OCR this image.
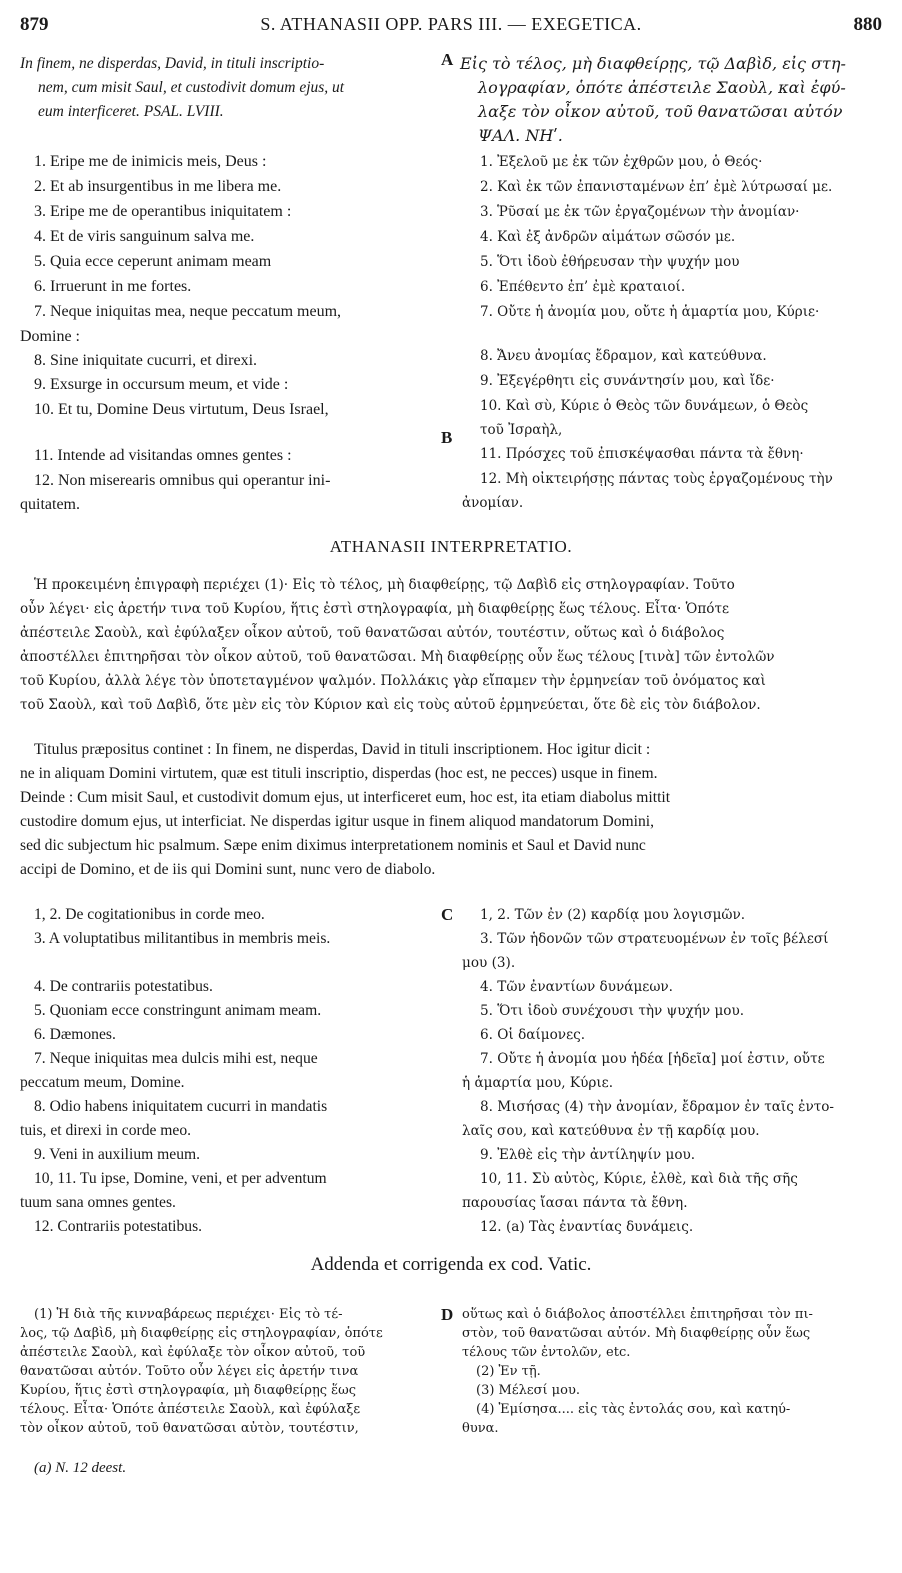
879	S. ATHANASII OPP. PARS III. — EXEGETICA.	880
A
B
C
D
In finem, ne disperdas, David, in tituli inscriptio-
nem, cum misit Saul, et custodivit domum ejus, ut
eum interficeret. PSAL. LVIII.
Εἰς τὸ τέλος, μὴ διαφθείρῃς, τῷ Δαβὶδ, εἰς στη-
λογραφίαν, ὁπότε ἀπέστειλε Σαοὺλ, καὶ ἐφύ-
λαξε τὸν οἶκον αὐτοῦ, τοῦ θανατῶσαι αὐτόν
ΨΑΛ. ΝΗʹ.
1. Eripe me de inimicis meis, Deus :
2. Et ab insurgentibus in me libera me.
3. Eripe me de operantibus iniquitatem :
4. Et de viris sanguinum salva me.
5. Quia ecce ceperunt animam meam
6. Irruerunt in me fortes.
7. Neque iniquitas mea, neque peccatum meum,
Domine :
8. Sine iniquitate cucurri, et direxi.
9. Exsurge in occursum meum, et vide :
10. Et tu, Domine Deus virtutum, Deus Israel,
11. Intende ad visitandas omnes gentes :
12. Non miserearis omnibus qui operantur ini-
quitatem.
1. Ἐξελοῦ με ἐκ τῶν ἐχθρῶν μου, ὁ Θεός·
2. Καὶ ἐκ τῶν ἐπανισταμένων ἐπ’ ἐμὲ λύτρωσαί με.
3. Ῥῦσαί με ἐκ τῶν ἐργαζομένων τὴν ἀνομίαν·
4. Καὶ ἐξ ἀνδρῶν αἱμάτων σῶσόν με.
5. Ὅτι ἰδοὺ ἐθήρευσαν τὴν ψυχήν μου
6. Ἐπέθεντο ἐπ’ ἐμὲ κραταιοί.
7. Οὔτε ἡ ἀνομία μου, οὔτε ἡ ἁμαρτία μου, Κύριε·
8. Ἄνευ ἀνομίας ἔδραμον, καὶ κατεύθυνα.
9. Ἐξεγέρθητι εἰς συνάντησίν μου, καὶ ἴδε·
10. Καὶ σὺ, Κύριε ὁ Θεὸς τῶν δυνάμεων, ὁ Θεὸς
τοῦ Ἰσραὴλ,
11. Πρόσχες τοῦ ἐπισκέψασθαι πάντα τὰ ἔθνη·
12. Μὴ οἰκτειρήσῃς πάντας τοὺς ἐργαζομένους τὴν
ἀνομίαν.
ATHANASII INTERPRETATIO.
Ἡ προκειμένη ἐπιγραφὴ περιέχει (1)· Εἰς τὸ τέλος, μὴ διαφθείρῃς, τῷ Δαβὶδ εἰς στηλογραφίαν. Τοῦτο
οὖν λέγει· εἰς ἀρετήν τινα τοῦ Κυρίου, ἥτις ἐστὶ στηλογραφία, μὴ διαφθείρῃς ἕως τέλους. Εἶτα· Ὁπότε
ἀπέστειλε Σαοὺλ, καὶ ἐφύλαξεν οἶκον αὐτοῦ, τοῦ θανατῶσαι αὐτόν, τουτέστιν, οὕτως καὶ ὁ διάβολος
ἀποστέλλει ἐπιτηρῆσαι τὸν οἶκον αὐτοῦ, τοῦ θανατῶσαι. Μὴ διαφθείρῃς οὖν ἕως τέλους [τινὰ] τῶν ἐντολῶν
τοῦ Κυρίου, ἀλλὰ λέγε τὸν ὑποτεταγμένον ψαλμόν. Πολλάκις γὰρ εἴπαμεν τὴν ἑρμηνείαν τοῦ ὀνόματος καὶ
τοῦ Σαοὺλ, καὶ τοῦ Δαβὶδ, ὅτε μὲν εἰς τὸν Κύριον καὶ εἰς τοὺς αὐτοῦ ἑρμηνεύεται, ὅτε δὲ εἰς τὸν διάβολον.
Titulus præpositus continet : In finem, ne disperdas, David in tituli inscriptionem. Hoc igitur dicit :
ne in aliquam Domini virtutem, quæ est tituli inscriptio, disperdas (hoc est, ne pecces) usque in finem.
Deinde : Cum misit Saul, et custodivit domum ejus, ut interficeret eum, hoc est, ita etiam diabolus mittit
custodire domum ejus, ut interficiat. Ne disperdas igitur usque in finem aliquod mandatorum Domini,
sed dic subjectum hic psalmum. Sæpe enim diximus interpretationem nominis et Saul et David nunc
accipi de Domino, et de iis qui Domini sunt, nunc vero de diabolo.
1, 2. De cogitationibus in corde meo.
3. A voluptatibus militantibus in membris meis.
4. De contrariis potestatibus.
5. Quoniam ecce constringunt animam meam.
6. Dæmones.
7. Neque iniquitas mea dulcis mihi est, neque
peccatum meum, Domine.
8. Odio habens iniquitatem cucurri in mandatis
tuis, et direxi in corde meo.
9. Veni in auxilium meum.
10, 11. Tu ipse, Domine, veni, et per adventum
tuum sana omnes gentes.
12. Contrariis potestatibus.
1, 2. Τῶν ἐν (2) καρδίᾳ μου λογισμῶν.
3. Τῶν ἡδονῶν τῶν στρατευομένων ἐν τοῖς βέλεσί
μου (3).
4. Τῶν ἐναντίων δυνάμεων.
5. Ὅτι ἰδοὺ συνέχουσι τὴν ψυχήν μου.
6. Οἱ δαίμονες.
7. Οὔτε ἡ ἀνομία μου ἡδέα [ἡδεῖα] μοί ἐστιν, οὔτε
ἡ ἁμαρτία μου, Κύριε.
8. Μισήσας (4) τὴν ἀνομίαν, ἔδραμον ἐν ταῖς ἐντο-
λαῖς σου, καὶ κατεύθυνα ἐν τῇ καρδίᾳ μου.
9. Ἐλθὲ εἰς τὴν ἀντίληψίν μου.
10, 11. Σὺ αὐτὸς, Κύριε, ἐλθὲ, καὶ διὰ τῆς σῆς
παρουσίας ἴασαι πάντα τὰ ἔθνη.
12. (a) Τὰς ἐναντίας δυνάμεις.
Addenda et corrigenda ex cod. Vatic.
(1) Ἡ διὰ τῆς κινναβάρεως περιέχει· Εἰς τὸ τέ-
λος, τῷ Δαβὶδ, μὴ διαφθείρῃς εἰς στηλογραφίαν, ὁπότε
ἀπέστειλε Σαοὺλ, καὶ ἐφύλαξε τὸν οἶκον αὐτοῦ, τοῦ
θανατῶσαι αὐτόν. Τοῦτο οὖν λέγει εἰς ἀρετήν τινα
Κυρίου, ἥτις ἐστὶ στηλογραφία, μὴ διαφθείρῃς ἕως
τέλους. Εἶτα· Ὁπότε ἀπέστειλε Σαοὺλ, καὶ ἐφύλαξε
τὸν οἶκον αὐτοῦ, τοῦ θανατῶσαι αὐτὸν, τουτέστιν,
οὕτως καὶ ὁ διάβολος ἀποστέλλει ἐπιτηρῆσαι τὸν πι-
στὸν, τοῦ θανατῶσαι αὐτόν. Μὴ διαφθείρῃς οὖν ἕως
τέλους τῶν ἐντολῶν, etc.
(2) Ἐν τῇ.
(3) Μέλεσί μου.
(4) Ἐμίσησα.... εἰς τὰς ἐντολάς σου, καὶ κατηύ-
θυνα.
(a) N. 12 deest.
